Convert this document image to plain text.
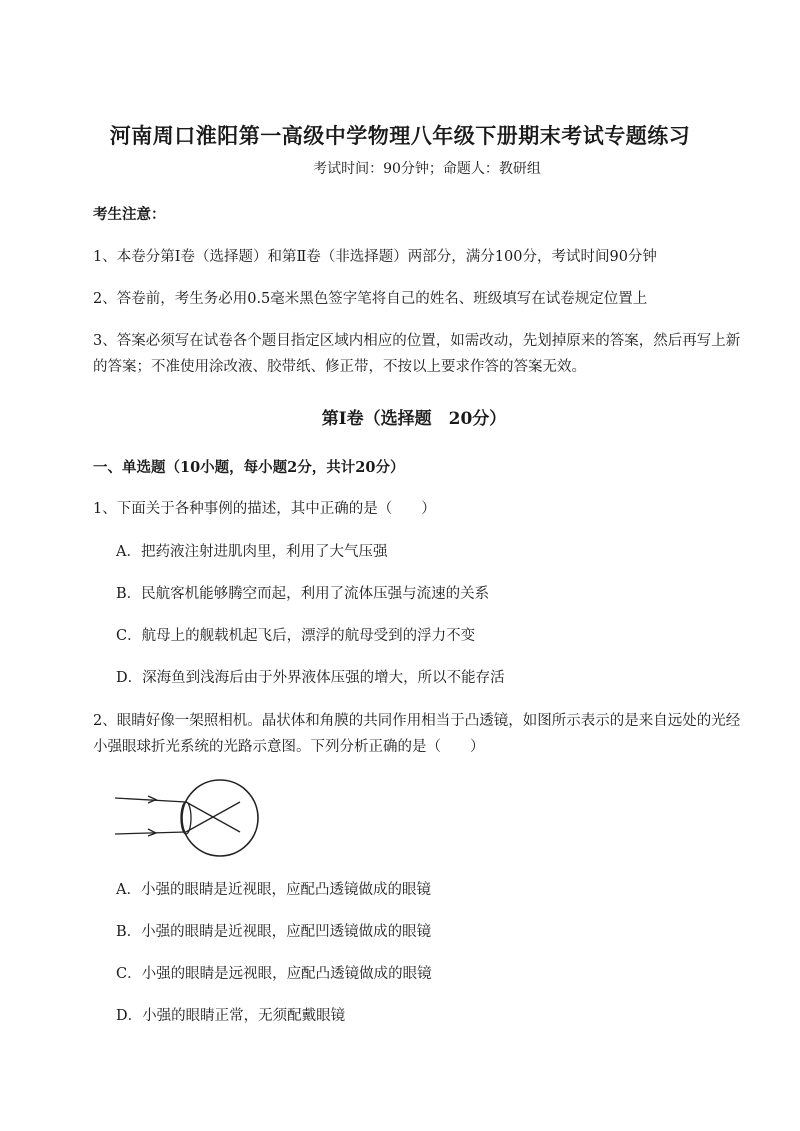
河南周口淮阳第一高级中学物理八年级下册期末考试专题练习
考试时间：90分钟；命题人：教研组
考生注意：
1、本卷分第Ⅰ卷（选择题）和第Ⅱ卷（非选择题）两部分，满分100分，考试时间90分钟
2、答卷前，考生务必用0.5毫米黑色签字笔将自己的姓名、班级填写在试卷规定位置上
3、答案必须写在试卷各个题目指定区域内相应的位置，如需改动，先划掉原来的答案，然后再写上新
的答案；不准使用涂改液、胶带纸、修正带，不按以上要求作答的答案无效。
第Ⅰ卷（选择题　20分）
一、单选题（10小题，每小题2分，共计20分）
1、下面关于各种事例的描述，其中正确的是（　　）
A．把药液注射进肌肉里，利用了大气压强
B．民航客机能够腾空而起，利用了流体压强与流速的关系
C．航母上的舰载机起飞后，漂浮的航母受到的浮力不变
D．深海鱼到浅海后由于外界液体压强的增大，所以不能存活
2、眼睛好像一架照相机。晶状体和角膜的共同作用相当于凸透镜，如图所示表示的是来自远处的光经
小强眼球折光系统的光路示意图。下列分析正确的是（　　）
A．小强的眼睛是近视眼，应配凸透镜做成的眼镜
B．小强的眼睛是近视眼，应配凹透镜做成的眼镜
C．小强的眼睛是远视眼，应配凸透镜做成的眼镜
D．小强的眼睛正常，无须配戴眼镜
